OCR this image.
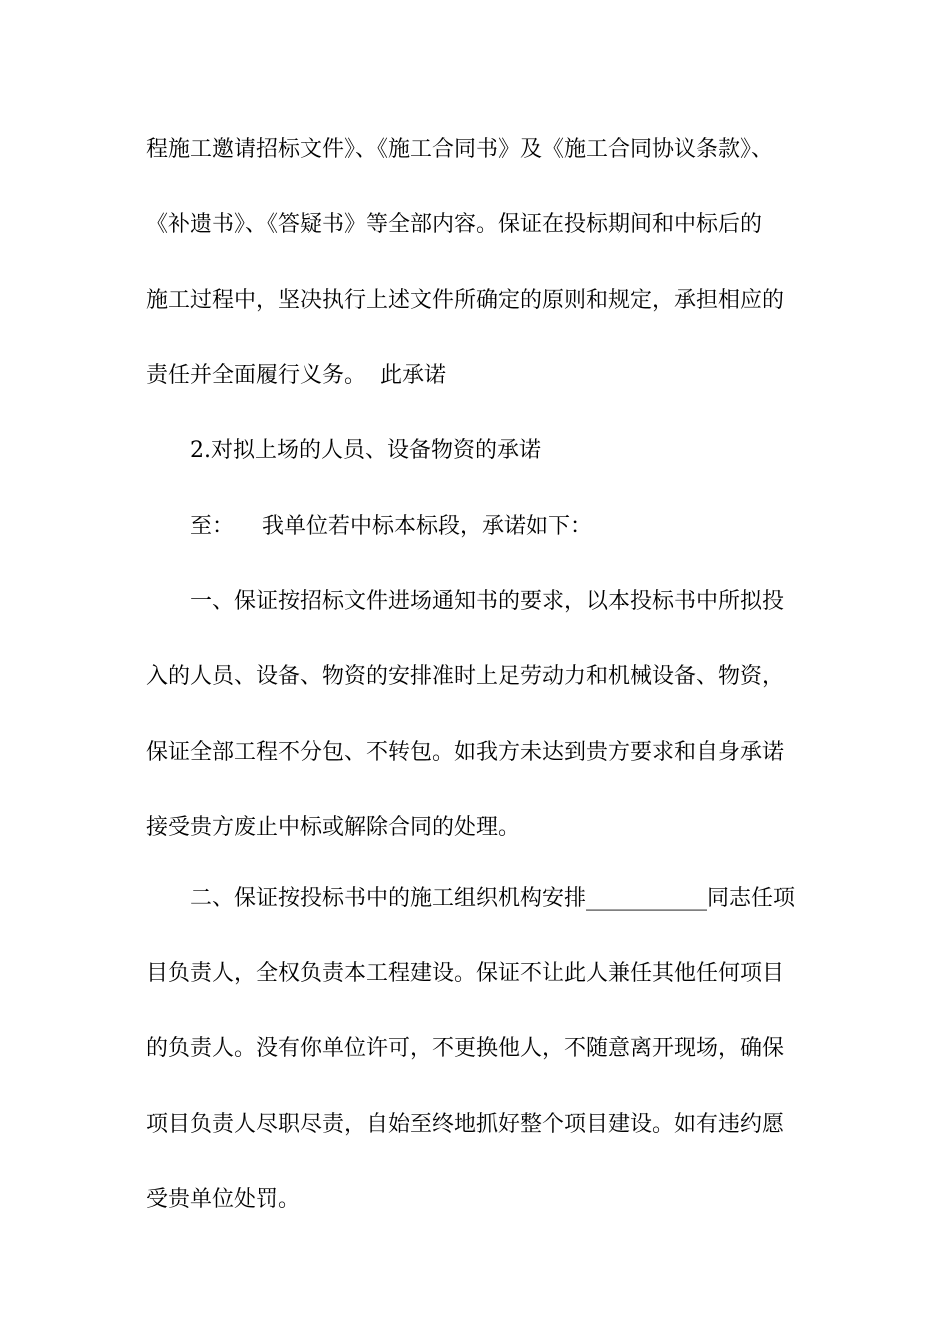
程施工邀请招标文件》、《施工合同书》及《施工合同协议条款》、
《补遗书》、《答疑书》等全部内容。保证在投标期间和中标后的
施工过程中，坚决执行上述文件所确定的原则和规定，承担相应的
责任并全面履行义务。  此承诺
2.对拟上场的人员、设备物资的承诺
至：    我单位若中标本标段，承诺如下：
一、保证按招标文件进场通知书的要求，以本投标书中所拟投
入的人员、设备、物资的安排准时上足劳动力和机械设备、物资，
保证全部工程不分包、不转包。如我方未达到贵方要求和自身承诺
接受贵方废止中标或解除合同的处理。
二、保证按投标书中的施工组织机构安排___________同志任项
目负责人，全权负责本工程建设。保证不让此人兼任其他任何项目
的负责人。没有你单位许可，不更换他人，不随意离开现场，确保
项目负责人尽职尽责，自始至终地抓好整个项目建设。如有违约愿
受贵单位处罚。
